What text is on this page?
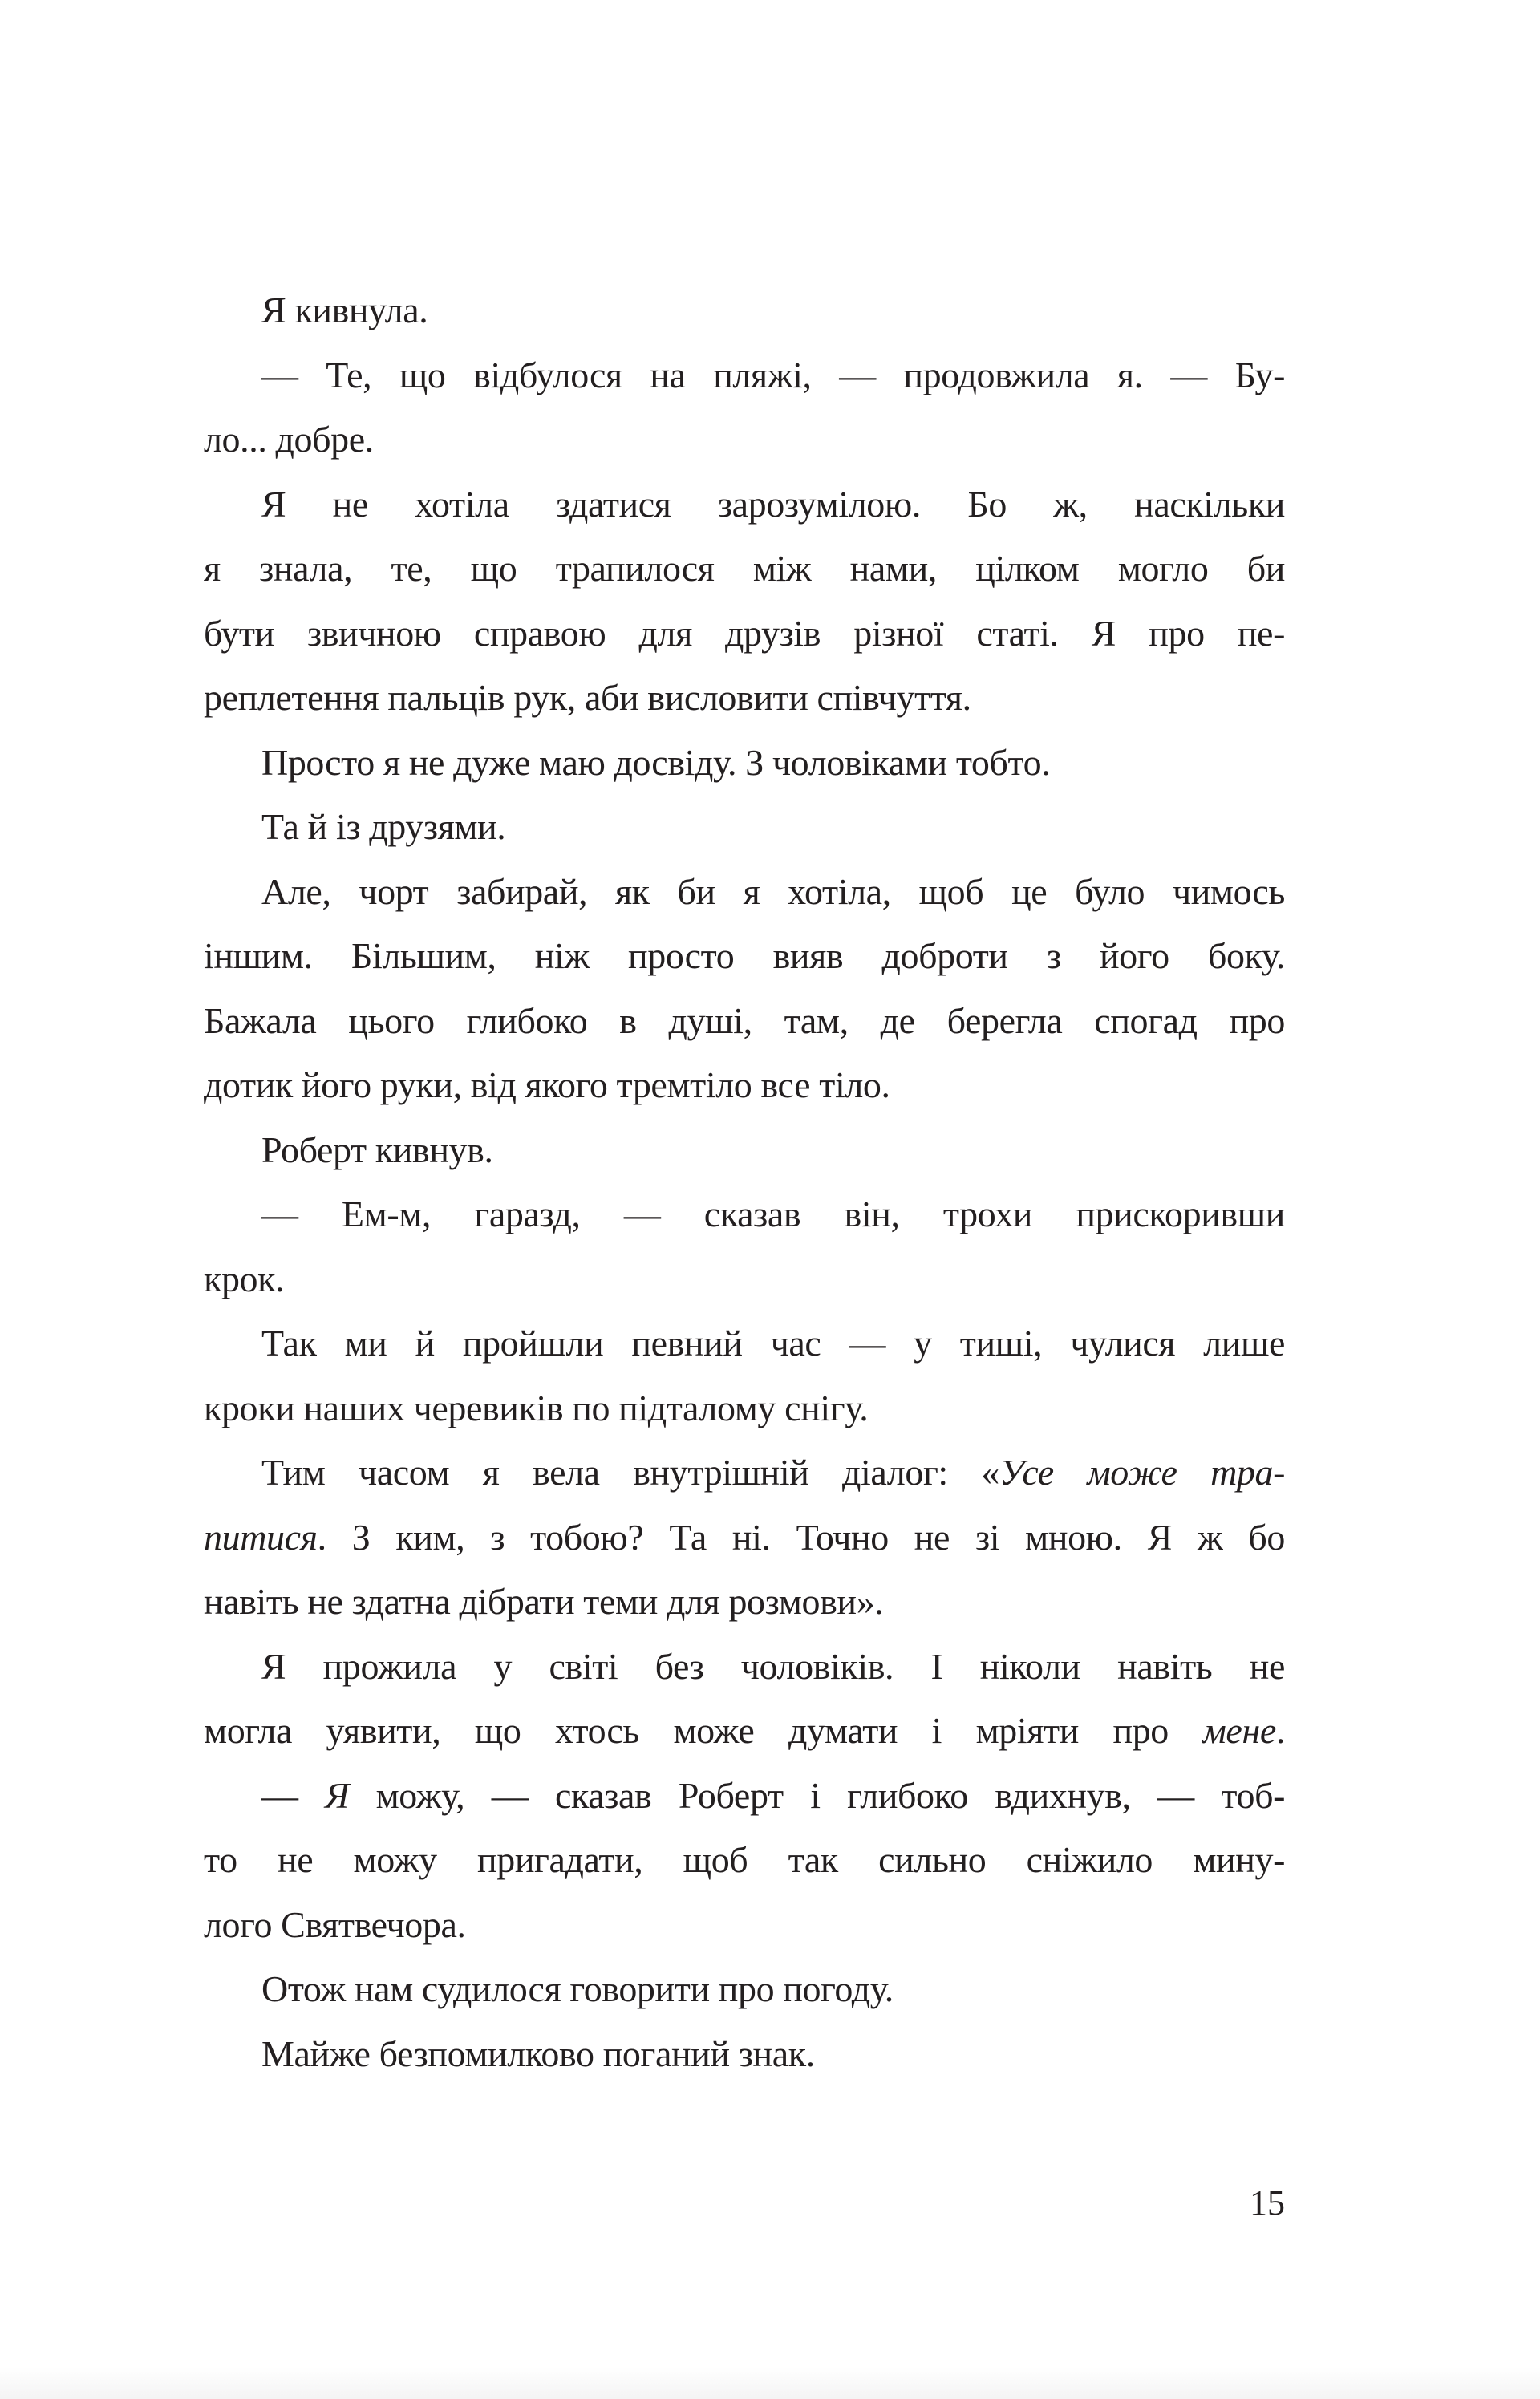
Я кивнула.
— Те, що відбулося на пляжі, — продовжила я. — Бу-
ло... добре.
Я не хотіла здатися зарозумілою. Бо ж, наскільки
я знала, те, що трапилося між нами, цілком могло би
бути звичною справою для друзів різної статі. Я про пе-
реплетення пальців рук, аби висловити співчуття.
Просто я не дуже маю досвіду. З чоловіками тобто.
Та й із друзями.
Але, чорт забирай, як би я хотіла, щоб це було чимось
іншим. Більшим, ніж просто вияв доброти з його боку.
Бажала цього глибоко в душі, там, де берегла спогад про
дотик його руки, від якого тремтіло все тіло.
Роберт кивнув.
— Ем-м, гаразд, — сказав він, трохи прискоривши
крок.
Так ми й пройшли певний час — у тиші, чулися лише
кроки наших черевиків по підталому снігу.
Тим часом я вела внутрішній діалог: «Усе може тра-
питися. З ким, з тобою? Та ні. Точно не зі мною. Я ж бо
навіть не здатна дібрати теми для розмови».
Я прожила у світі без чоловіків. І ніколи навіть не
могла уявити, що хтось може думати і мріяти про мене.
— Я можу, — сказав Роберт і глибоко вдихнув, — тоб-
то не можу пригадати, щоб так сильно сніжило мину-
лого Святвечора.
Отож нам судилося говорити про погоду.
Майже безпомилково поганий знак.
15
